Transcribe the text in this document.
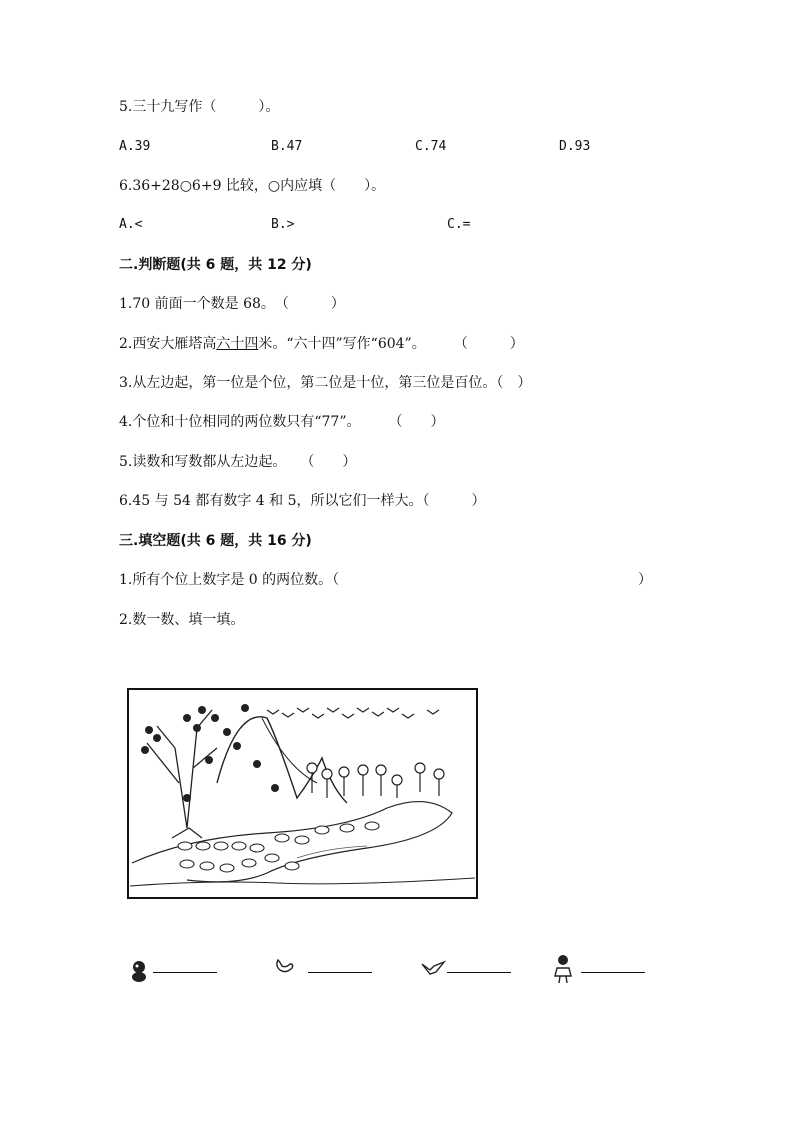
5.三十九写作（　　　）。
A.39	B.47	C.74	D.93
6.36+28○6+9 比较，○内应填（　　）。
A.<	B.>	C.=
二.判断题(共 6 题，共 12 分)
1.70 前面一个数是 68。　（　　　）
2.西安大雁塔高六十四米。“六十四”写作“604”。　　　（　　　）
3.从左边起，第一位是个位，第二位是十位，第三位是百位。（　）
4.个位和十位相同的两位数只有“77”。　　　（　　）
5.读数和写数都从左边起。　　（　　）
6.45 与 54 都有数字 4 和 5，所以它们一样大。（　　　）
三.填空题(共 6 题，共 16 分)
1.所有个位上数字是 0 的两位数。（	）
2.数一数、填一填。
